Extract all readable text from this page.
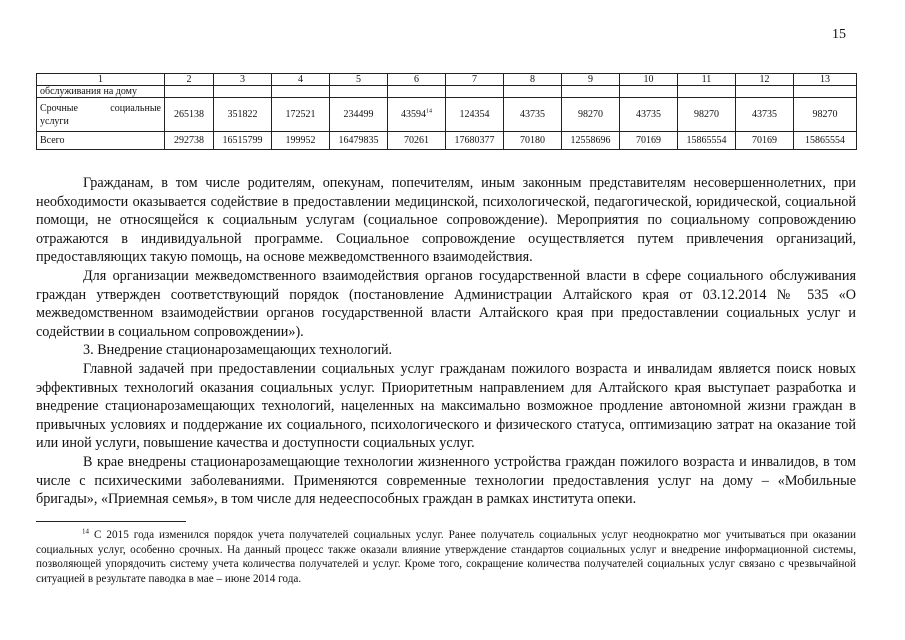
15
1	2	3	4	5	6	7	8	9	10	11	12	13
обслуживания на дому												

Срочные социальные услуги	265138	351822	172521	234499	43594$^{14}$	124354	43735	98270	43735	98270	43735	98270
Всего	292738	16515799	199952	16479835	70261	17680377	70180	12558696	70169	15865554	70169	15865554

Гражданам, в том числе родителям, опекунам, попечителям, иным законным представителям несовершеннолетних, при необходимости оказывается содействие в предоставлении медицинской, психологической, педагогической, юридической, социальной помощи, не относящейся к социальным услугам (социальное сопровождение). Мероприятия по социальному сопровождению отражаются в индивидуальной программе. Социальное сопровождение осуществляется путем привлечения организаций, предоставляющих такую помощь, на основе межведомственного взаимодействия.

Для организации межведомственного взаимодействия органов государственной власти в сфере социального обслуживания граждан утвержден соответствующий порядок (постановление Администрации Алтайского края от 03.12.2014 № 535 «О межведомственном взаимодействии органов государственной власти Алтайского края при предоставлении социальных услуг и содействии в социальном сопровождении»).

3. Внедрение стационарозамещающих технологий.

Главной задачей при предоставлении социальных услуг гражданам пожилого возраста и инвалидам является поиск новых эффективных технологий оказания социальных услуг. Приоритетным направлением для Алтайского края выступает разработка и внедрение стационарозамещающих технологий, нацеленных на максимально возможное продление автономной жизни граждан в привычных условиях и поддержание их социального, психологического и физического статуса, оптимизацию затрат на оказание той или иной услуги, повышение качества и доступности социальных услуг.

В крае внедрены стационарозамещающие технологии жизненного устройства граждан пожилого возраста и инвалидов, в том числе с психическими заболеваниями. Применяются современные технологии предоставления услуг на дому – «Мобильные бригады», «Приемная семья», в том числе для недееспособных граждан в рамках института опеки.

$^{14}$ С 2015 года изменился порядок учета получателей социальных услуг. Ранее получатель социальных услуг неоднократно мог учитываться при оказании социальных услуг, особенно срочных. На данный процесс также оказали влияние утверждение стандартов социальных услуг и внедрение информационной системы, позволяющей упорядочить систему учета количества получателей и услуг. Кроме того, сокращение количества получателей социальных услуг связано с чрезвычайной ситуацией в результате паводка в мае – июне 2014 года.
